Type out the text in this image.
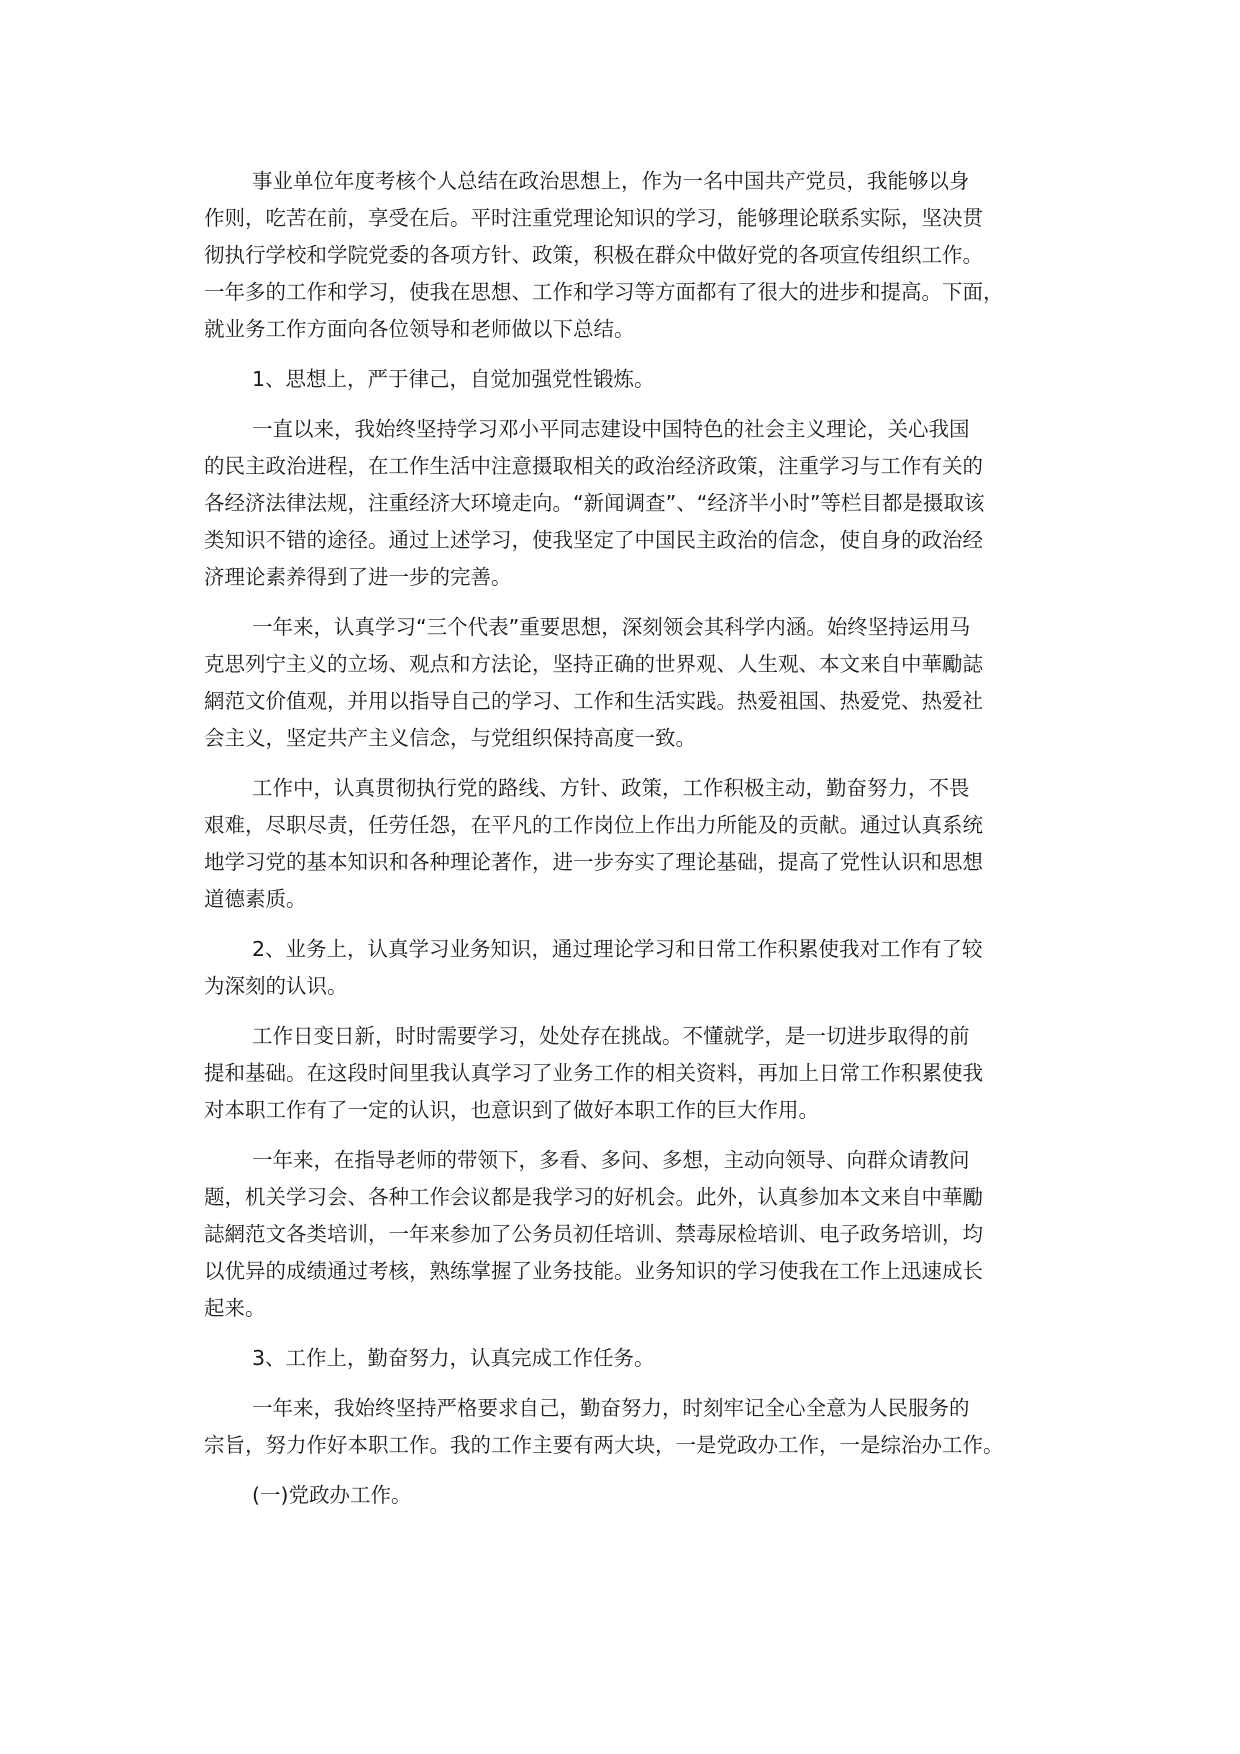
事业单位年度考核个人总结在政治思想上，作为一名中国共产党员，我能够以身
作则，吃苦在前，享受在后。平时注重党理论知识的学习，能够理论联系实际，坚决贯
彻执行学校和学院党委的各项方针、政策，积极在群众中做好党的各项宣传组织工作。
一年多的工作和学习，使我在思想、工作和学习等方面都有了很大的进步和提高。下面，
就业务工作方面向各位领导和老师做以下总结。
1、思想上，严于律己，自觉加强党性锻炼。
一直以来，我始终坚持学习邓小平同志建设中国特色的社会主义理论，关心我国
的民主政治进程，在工作生活中注意摄取相关的政治经济政策，注重学习与工作有关的
各经济法律法规，注重经济大环境走向。“新闻调查”、“经济半小时”等栏目都是摄取该
类知识不错的途径。通过上述学习，使我坚定了中国民主政治的信念，使自身的政治经
济理论素养得到了进一步的完善。
一年来，认真学习“三个代表”重要思想，深刻领会其科学内涵。始终坚持运用马
克思列宁主义的立场、观点和方法论，坚持正确的世界观、人生观、本文来自中華勵誌
網范文价值观，并用以指导自己的学习、工作和生活实践。热爱祖国、热爱党、热爱社
会主义，坚定共产主义信念，与党组织保持高度一致。
工作中，认真贯彻执行党的路线、方针、政策，工作积极主动，勤奋努力，不畏
艰难，尽职尽责，任劳任怨，在平凡的工作岗位上作出力所能及的贡献。通过认真系统
地学习党的基本知识和各种理论著作，进一步夯实了理论基础，提高了党性认识和思想
道德素质。
2、业务上，认真学习业务知识，通过理论学习和日常工作积累使我对工作有了较
为深刻的认识。
工作日变日新，时时需要学习，处处存在挑战。不懂就学，是一切进步取得的前
提和基础。在这段时间里我认真学习了业务工作的相关资料，再加上日常工作积累使我
对本职工作有了一定的认识，也意识到了做好本职工作的巨大作用。
一年来，在指导老师的带领下，多看、多问、多想，主动向领导、向群众请教问
题，机关学习会、各种工作会议都是我学习的好机会。此外，认真参加本文来自中華勵
誌網范文各类培训，一年来参加了公务员初任培训、禁毒尿检培训、电子政务培训，均
以优异的成绩通过考核，熟练掌握了业务技能。业务知识的学习使我在工作上迅速成长
起来。
3、工作上，勤奋努力，认真完成工作任务。
一年来，我始终坚持严格要求自己，勤奋努力，时刻牢记全心全意为人民服务的
宗旨，努力作好本职工作。我的工作主要有两大块，一是党政办工作，一是综治办工作。
(一)党政办工作。
